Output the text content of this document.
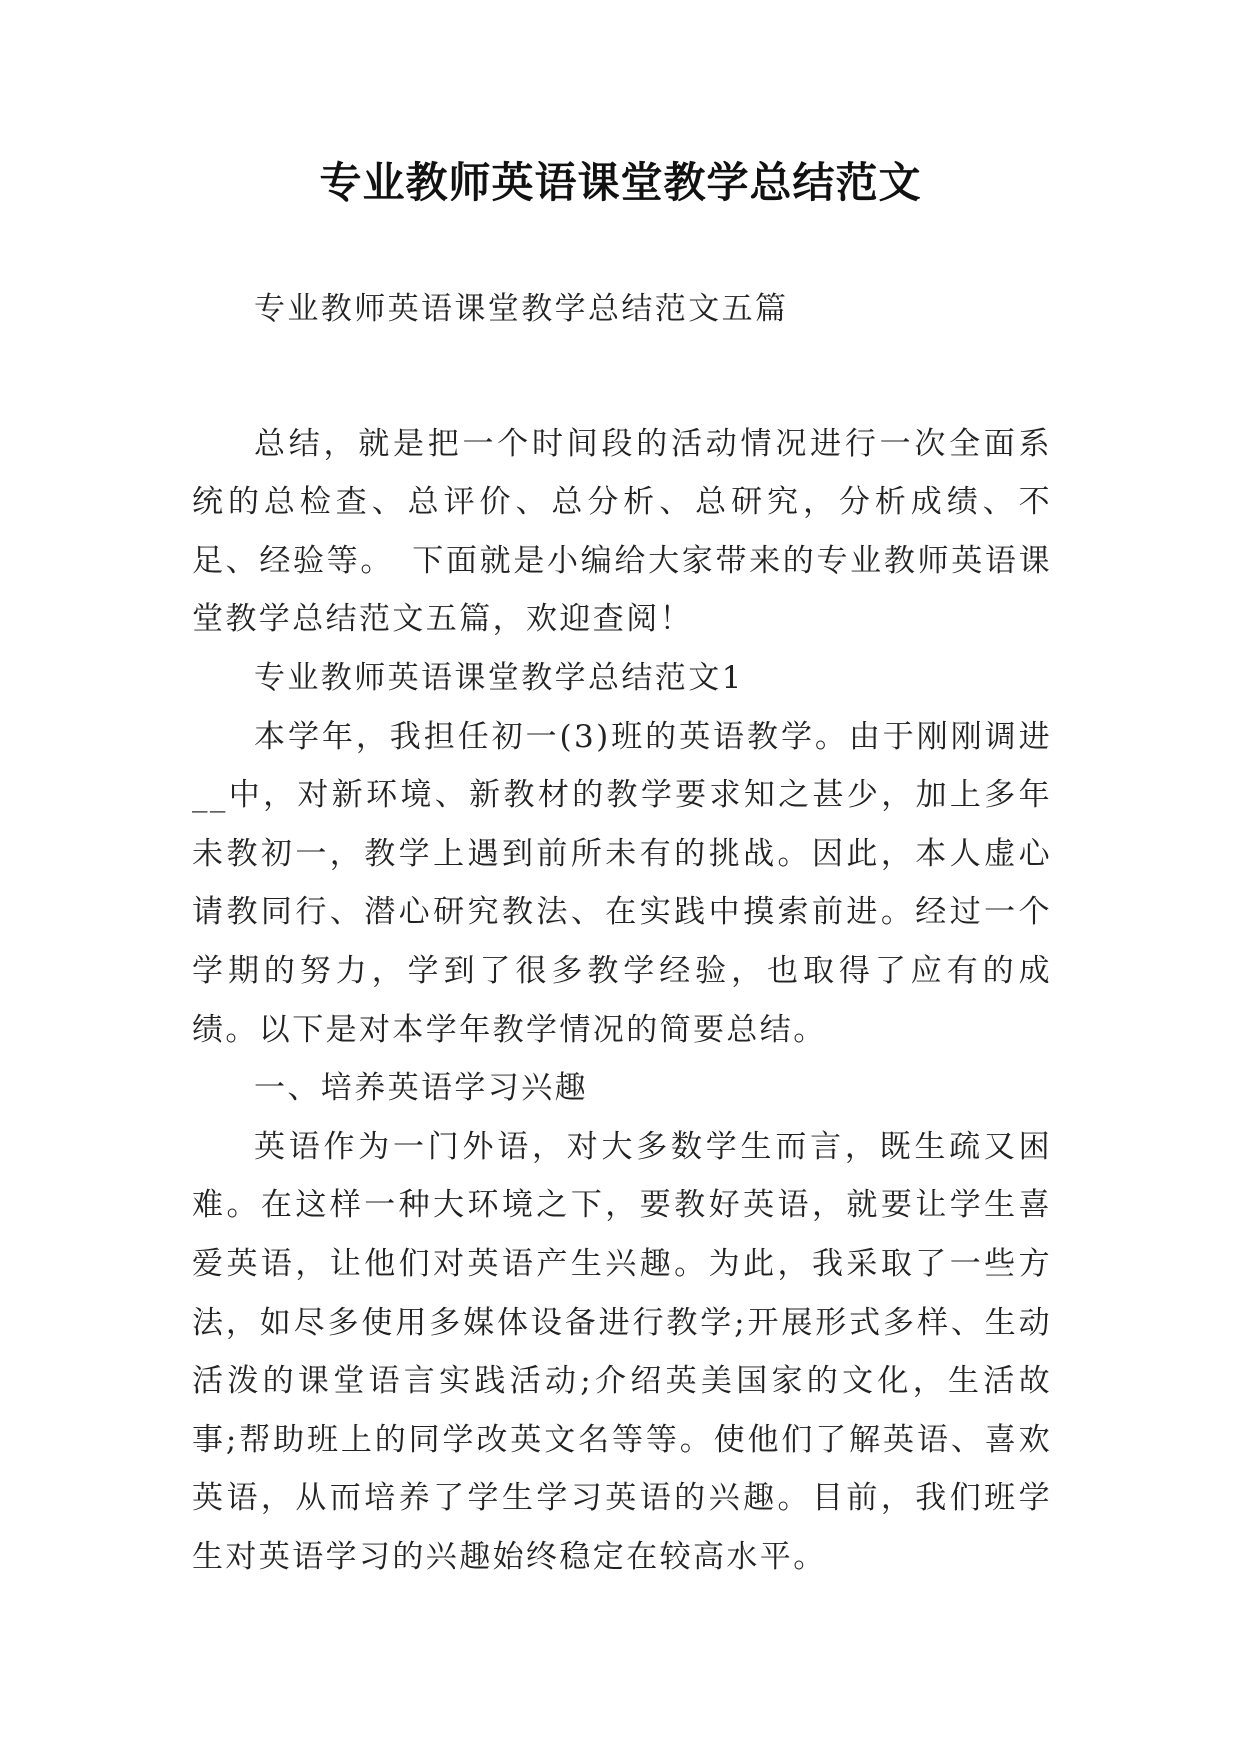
专业教师英语课堂教学总结范文

专业教师英语课堂教学总结范文五篇

总结，就是把一个时间段的活动情况进行一次全面系统的总检查、总评价、总分析、总研究，分析成绩、不足、经验等。　下面就是小编给大家带来的专业教师英语课堂教学总结范文五篇，欢迎查阅！

专业教师英语课堂教学总结范文1

本学年，我担任初一(3)班的英语教学。由于刚刚调进__中，对新环境、新教材的教学要求知之甚少，加上多年未教初一，教学上遇到前所未有的挑战。因此，本人虚心请教同行、潜心研究教法、在实践中摸索前进。经过一个学期的努力，学到了很多教学经验，也取得了应有的成绩。以下是对本学年教学情况的简要总结。

一、培养英语学习兴趣

英语作为一门外语，对大多数学生而言，既生疏又困难。在这样一种大环境之下，要教好英语，就要让学生喜爱英语，让他们对英语产生兴趣。为此，我采取了一些方法，如尽多使用多媒体设备进行教学;开展形式多样、生动活泼的课堂语言实践活动;介绍英美国家的文化，生活故事;帮助班上的同学改英文名等等。使他们了解英语、喜欢英语，从而培养了学生学习英语的兴趣。目前，我们班学生对英语学习的兴趣始终稳定在较高水平。
